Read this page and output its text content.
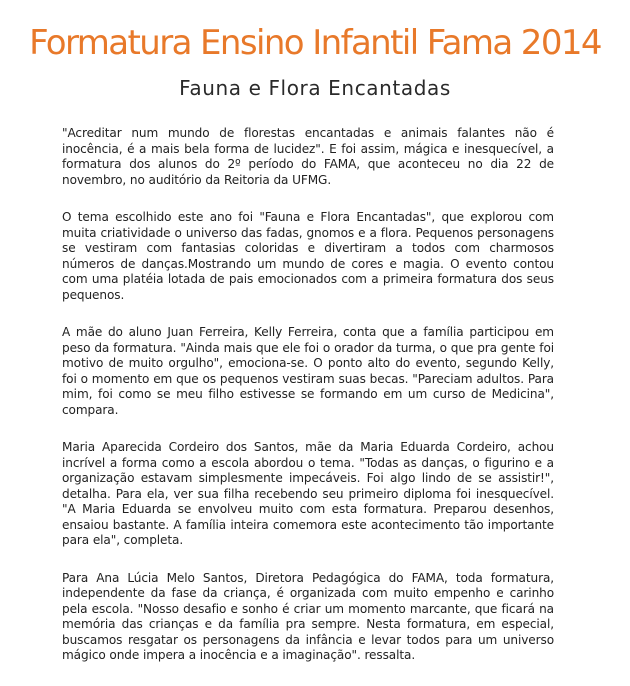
Formatura Ensino Infantil Fama 2014
Fauna e Flora Encantadas

"Acreditar num mundo de florestas encantadas e animais falantes não é inocência, é a mais bela forma de lucidez". E foi assim, mágica e inesquecível, a formatura dos alunos do 2º período do FAMA, que aconteceu no dia 22 de novembro, no auditório da Reitoria da UFMG.

O tema escolhido este ano foi "Fauna e Flora Encantadas", que explorou com muita criatividade o universo das fadas, gnomos e a flora. Pequenos personagens se vestiram com fantasias coloridas e divertiram a todos com charmosos números de danças.Mostrando um mundo de cores e magia. O evento contou com uma platéia lotada de pais emocionados com a primeira formatura dos seus pequenos.

A mãe do aluno Juan Ferreira, Kelly Ferreira, conta que a família participou em peso da formatura. "Ainda mais que ele foi o orador da turma, o que pra gente foi motivo de muito orgulho", emociona-se. O ponto alto do evento, segundo Kelly, foi o momento em que os pequenos vestiram suas becas. "Pareciam adultos. Para mim, foi como se meu filho estivesse se formando em um curso de Medicina", compara.

Maria Aparecida Cordeiro dos Santos, mãe da Maria Eduarda Cordeiro, achou incrível a forma como a escola abordou o tema. "Todas as danças, o figurino e a organização estavam simplesmente impecáveis. Foi algo lindo de se assistir!", detalha. Para ela, ver sua filha recebendo seu primeiro diploma foi inesquecível. "A Maria Eduarda se envolveu muito com esta formatura. Preparou desenhos, ensaiou bastante. A família inteira comemora este acontecimento tão importante para ela", completa.

Para Ana Lúcia Melo Santos, Diretora Pedagógica do FAMA, toda formatura, independente da fase da criança, é organizada com muito empenho e carinho pela escola. "Nosso desafio e sonho é criar um momento marcante, que ficará na memória das crianças e da família pra sempre. Nesta formatura, em especial, buscamos resgatar os personagens da infância e levar todos para um universo mágico onde impera a inocência e a imaginação". ressalta.
